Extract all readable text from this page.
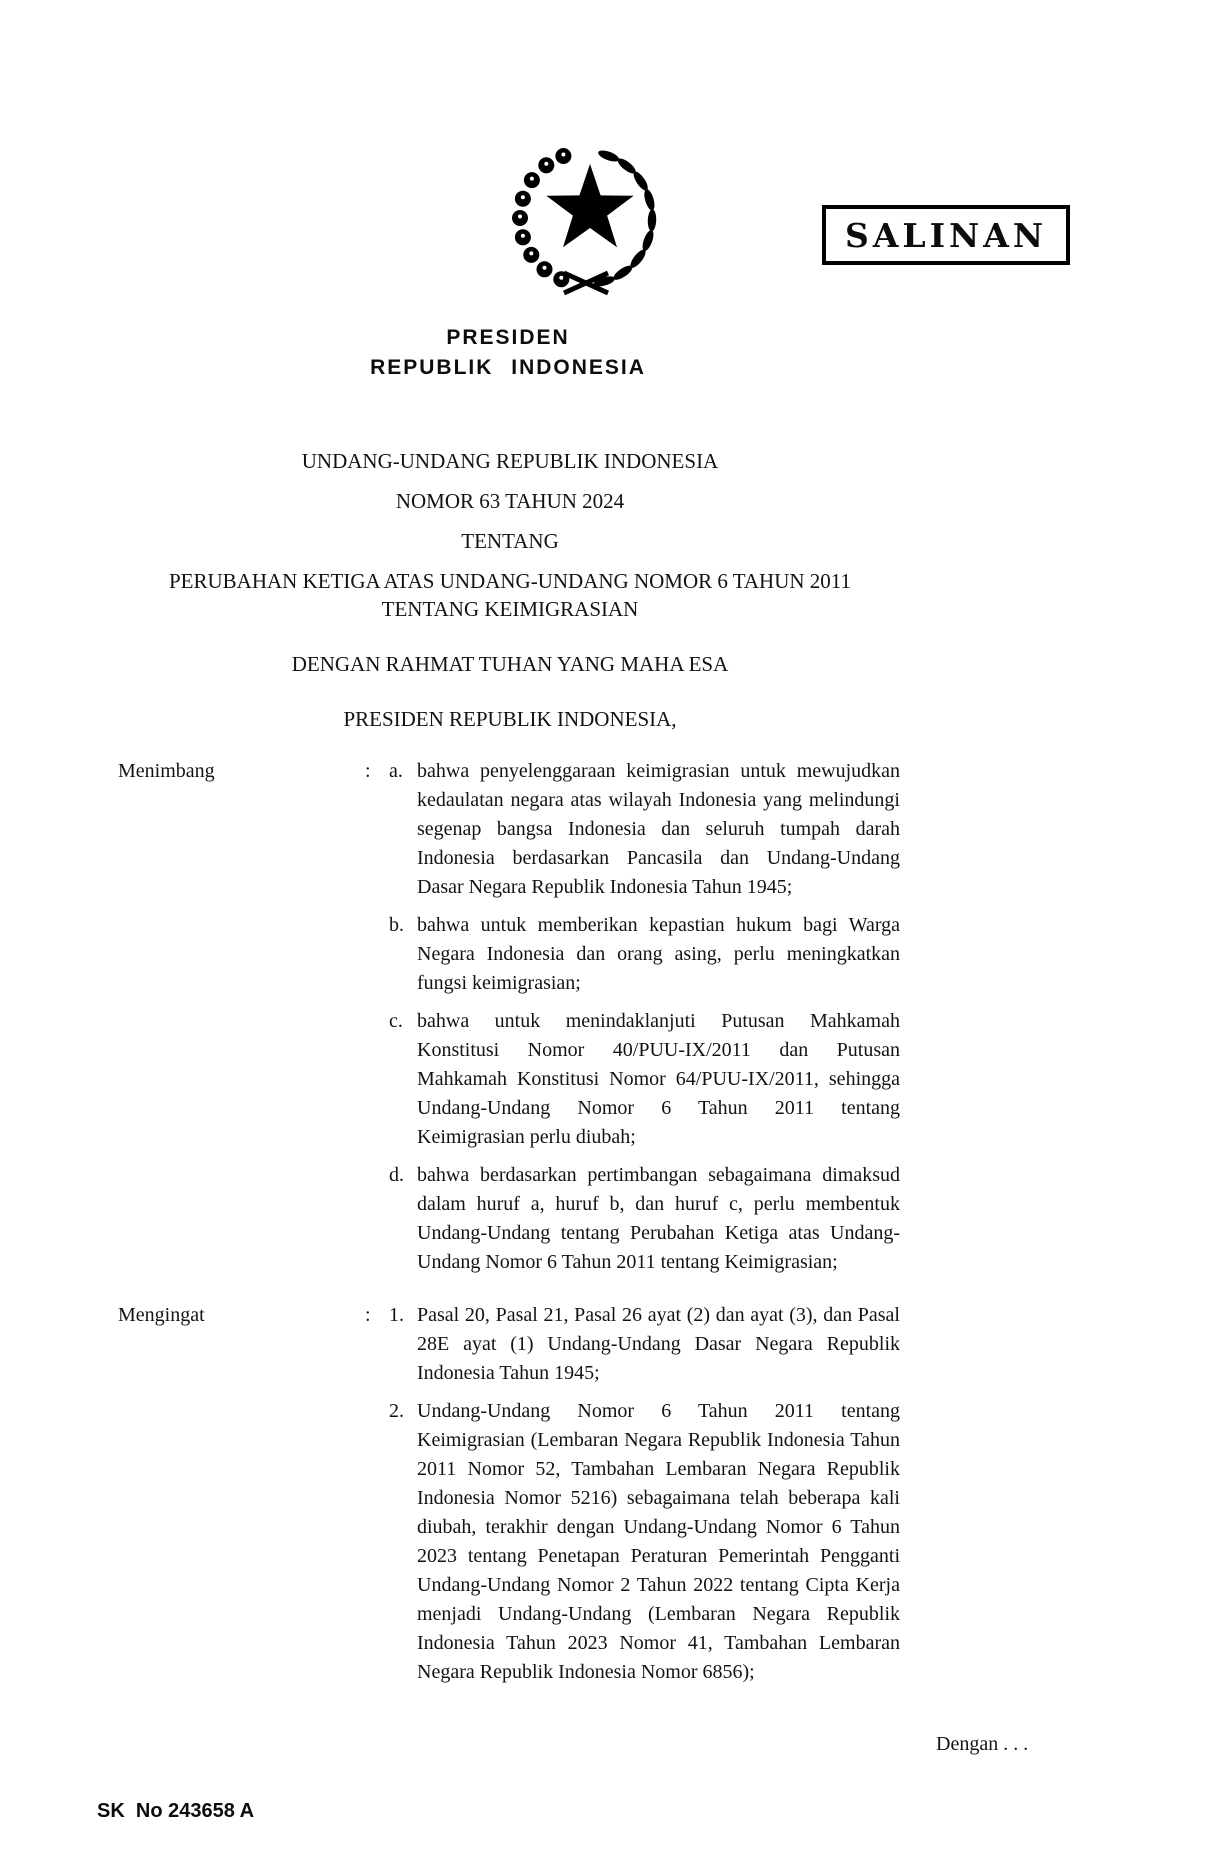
SALINAN
PRESIDEN
REPUBLIK INDONESIA
UNDANG-UNDANG REPUBLIK INDONESIA
NOMOR 63 TAHUN 2024
TENTANG
PERUBAHAN KETIGA ATAS UNDANG-UNDANG NOMOR 6 TAHUN 2011 TENTANG KEIMIGRASIAN
DENGAN RAHMAT TUHAN YANG MAHA ESA
PRESIDEN REPUBLIK INDONESIA,
Menimbang	: a. bahwa penyelenggaraan keimigrasian untuk mewujudkan kedaulatan negara atas wilayah Indonesia yang melindungi segenap bangsa Indonesia dan seluruh tumpah darah Indonesia berdasarkan Pancasila dan Undang-Undang Dasar Negara Republik Indonesia Tahun 1945;
b. bahwa untuk memberikan kepastian hukum bagi Warga Negara Indonesia dan orang asing, perlu meningkatkan fungsi keimigrasian;
c. bahwa untuk menindaklanjuti Putusan Mahkamah Konstitusi Nomor 40/PUU-IX/2011 dan Putusan Mahkamah Konstitusi Nomor 64/PUU-IX/2011, sehingga Undang-Undang Nomor 6 Tahun 2011 tentang Keimigrasian perlu diubah;
d. bahwa berdasarkan pertimbangan sebagaimana dimaksud dalam huruf a, huruf b, dan huruf c, perlu membentuk Undang-Undang tentang Perubahan Ketiga atas Undang-Undang Nomor 6 Tahun 2011 tentang Keimigrasian;
Mengingat	: 1. Pasal 20, Pasal 21, Pasal 26 ayat (2) dan ayat (3), dan Pasal 28E ayat (1) Undang-Undang Dasar Negara Republik Indonesia Tahun 1945;
2. Undang-Undang Nomor 6 Tahun 2011 tentang Keimigrasian (Lembaran Negara Republik Indonesia Tahun 2011 Nomor 52, Tambahan Lembaran Negara Republik Indonesia Nomor 5216) sebagaimana telah beberapa kali diubah, terakhir dengan Undang-Undang Nomor 6 Tahun 2023 tentang Penetapan Peraturan Pemerintah Pengganti Undang-Undang Nomor 2 Tahun 2022 tentang Cipta Kerja menjadi Undang-Undang (Lembaran Negara Republik Indonesia Tahun 2023 Nomor 41, Tambahan Lembaran Negara Republik Indonesia Nomor 6856);
Dengan . . .
SK  No 243658 A
